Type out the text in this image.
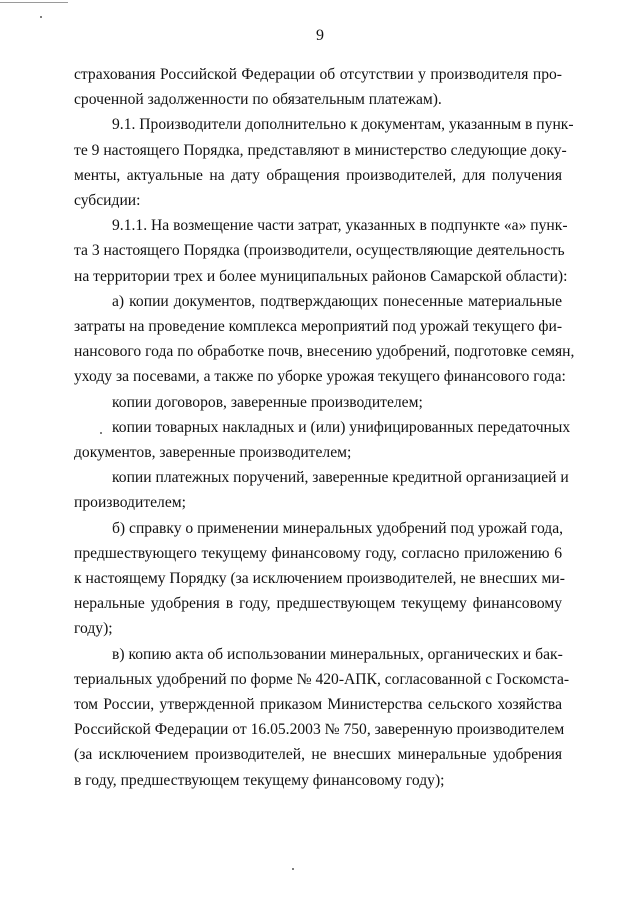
9
страхования Российской Федерации об отсутствии у производителя про-
сроченной задолженности по обязательным платежам).
9.1. Производители дополнительно к документам, указанным в пунк-
те 9 настоящего Порядка, представляют в министерство следующие доку-
менты, актуальные на дату обращения производителей, для получения
субсидии:
9.1.1. На возмещение части затрат, указанных в подпункте «а» пунк-
та 3 настоящего Порядка (производители, осуществляющие деятельность
на территории трех и более муниципальных районов Самарской области):
а) копии документов, подтверждающих понесенные материальные
затраты на проведение комплекса мероприятий под урожай текущего фи-
нансового года по обработке почв, внесению удобрений, подготовке семян,
уходу за посевами, а также по уборке урожая текущего финансового года:
копии договоров, заверенные производителем;
копии товарных накладных и (или) унифицированных передаточных
документов, заверенные производителем;
копии платежных поручений, заверенные кредитной организацией и
производителем;
б) справку о применении минеральных удобрений под урожай года,
предшествующего текущему финансовому году, согласно приложению 6
к настоящему Порядку (за исключением производителей, не внесших ми-
неральные удобрения в году, предшествующем текущему финансовому
году);
в) копию акта об использовании минеральных, органических и бак-
териальных удобрений по форме № 420-АПК, согласованной с Госкомста-
том России, утвержденной приказом Министерства сельского хозяйства
Российской Федерации от 16.05.2003 № 750, заверенную производителем
(за исключением производителей, не внесших минеральные удобрения
в году, предшествующем текущему финансовому году);
